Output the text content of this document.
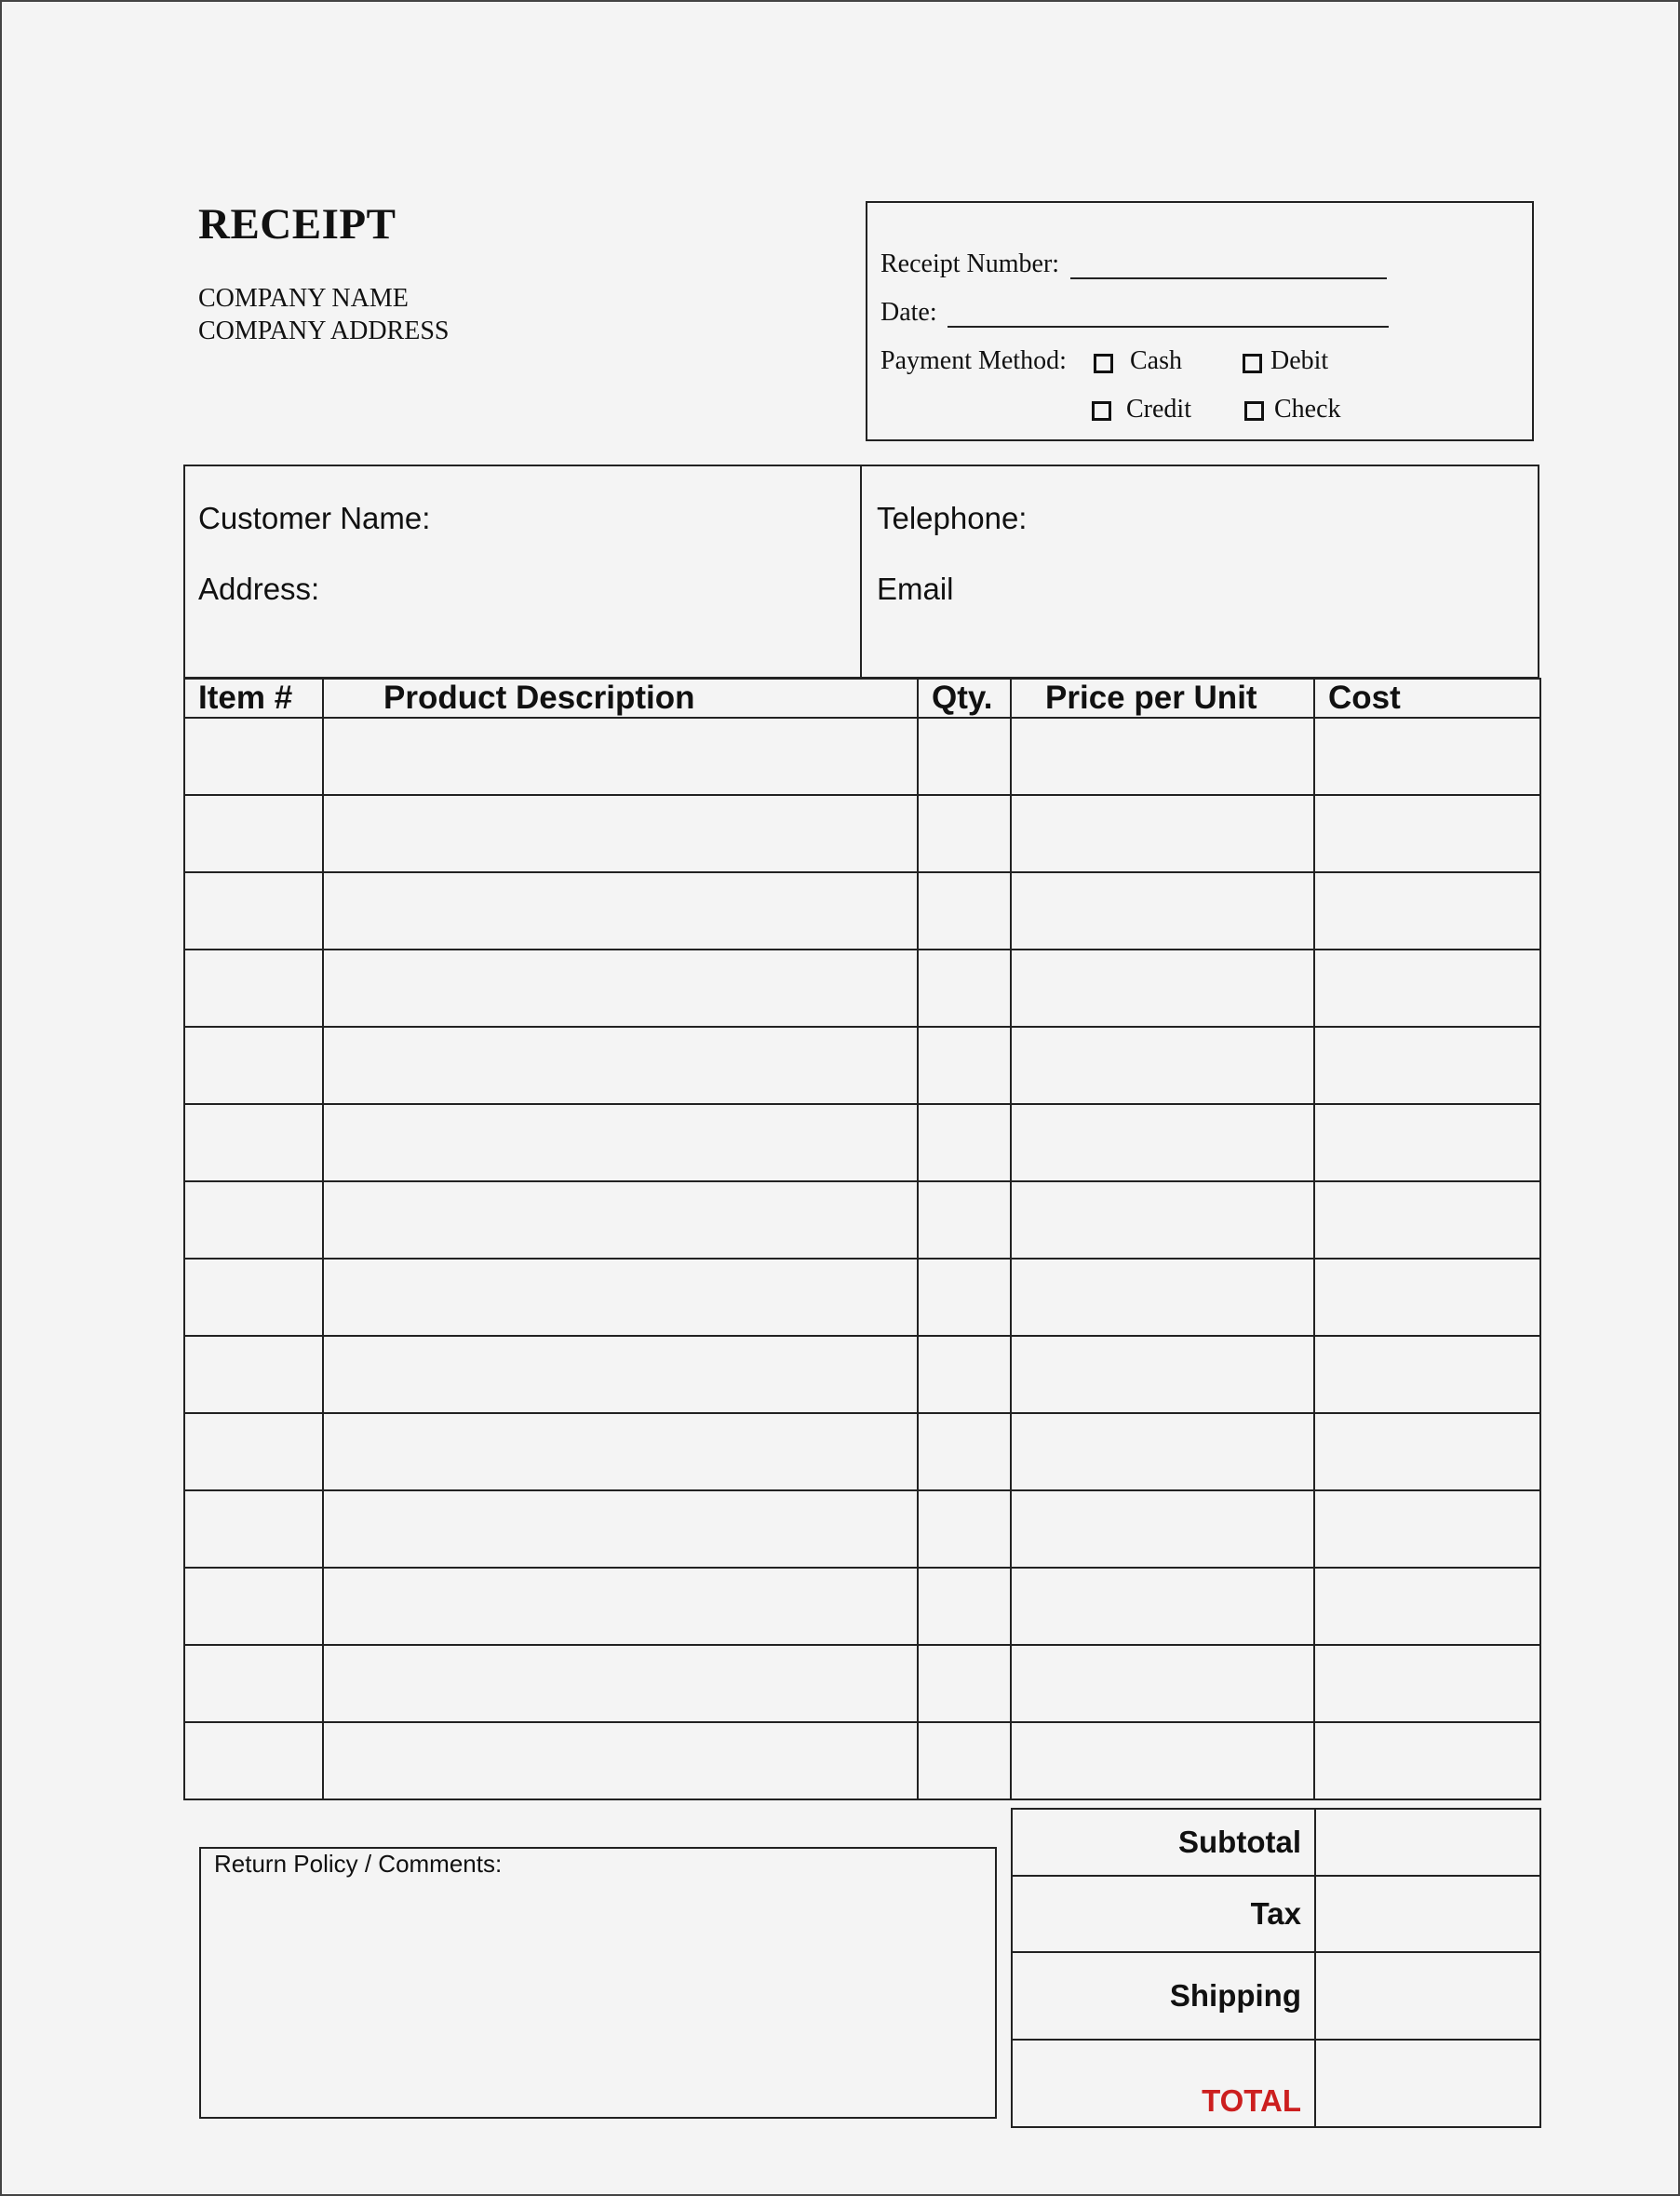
RECEIPT
COMPANY NAME
COMPANY ADDRESS
Receipt Number:
Date:
Payment Method: Cash	Debit
Credit	Check
Customer Name:
Address:
Telephone:
Email
Item #	Product Description	Qty.	Price per Unit	Cost

Return Policy / Comments:
Subtotal	
Tax	
Shipping	
TOTAL	
